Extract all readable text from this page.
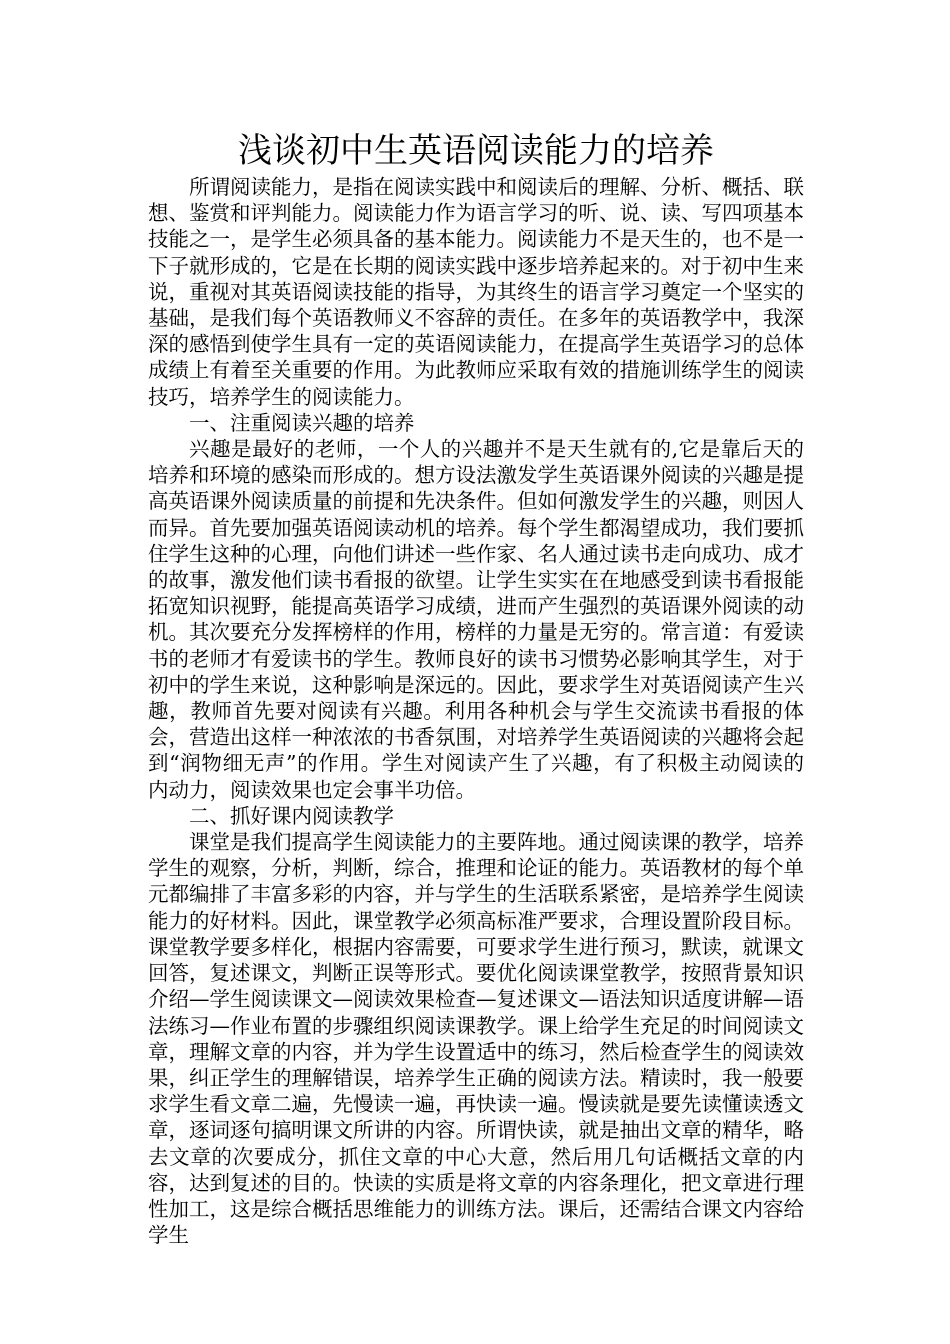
浅谈初中生英语阅读能力的培养

所谓阅读能力，是指在阅读实践中和阅读后的理解、分析、概括、联想、鉴赏和评判能力。阅读能力作为语言学习的听、说、读、写四项基本技能之一，是学生必须具备的基本能力。阅读能力不是天生的，也不是一下子就形成的，它是在长期的阅读实践中逐步培养起来的。对于初中生来说，重视对其英语阅读技能的指导，为其终生的语言学习奠定一个坚实的基础，是我们每个英语教师义不容辞的责任。在多年的英语教学中，我深深的感悟到使学生具有一定的英语阅读能力，在提高学生英语学习的总体成绩上有着至关重要的作用。为此教师应采取有效的措施训练学生的阅读技巧，培养学生的阅读能力。

一、注重阅读兴趣的培养

兴趣是最好的老师，一个人的兴趣并不是天生就有的,它是靠后天的培养和环境的感染而形成的。想方设法激发学生英语课外阅读的兴趣是提高英语课外阅读质量的前提和先决条件。但如何激发学生的兴趣，则因人而异。首先要加强英语阅读动机的培养。每个学生都渴望成功，我们要抓住学生这种的心理，向他们讲述一些作家、名人通过读书走向成功、成才的故事，激发他们读书看报的欲望。让学生实实在在地感受到读书看报能拓宽知识视野，能提高英语学习成绩，进而产生强烈的英语课外阅读的动机。其次要充分发挥榜样的作用，榜样的力量是无穷的。常言道：有爱读书的老师才有爱读书的学生。教师良好的读书习惯势必影响其学生，对于初中的学生来说，这种影响是深远的。因此，要求学生对英语阅读产生兴趣，教师首先要对阅读有兴趣。利用各种机会与学生交流读书看报的体会，营造出这样一种浓浓的书香氛围，对培养学生英语阅读的兴趣将会起到“润物细无声”的作用。学生对阅读产生了兴趣，有了积极主动阅读的内动力，阅读效果也定会事半功倍。

二、抓好课内阅读教学

课堂是我们提高学生阅读能力的主要阵地。通过阅读课的教学，培养学生的观察，分析，判断，综合，推理和论证的能力。英语教材的每个单元都编排了丰富多彩的内容，并与学生的生活联系紧密，是培养学生阅读能力的好材料。因此，课堂教学必须高标准严要求，合理设置阶段目标。课堂教学要多样化，根据内容需要，可要求学生进行预习，默读，就课文回答，复述课文，判断正误等形式。要优化阅读课堂教学，按照背景知识介绍—学生阅读课文—阅读效果检查—复述课文—语法知识适度讲解—语法练习—作业布置的步骤组织阅读课教学。课上给学生充足的时间阅读文章，理解文章的内容，并为学生设置适中的练习，然后检查学生的阅读效果，纠正学生的理解错误，培养学生正确的阅读方法。精读时，我一般要求学生看文章二遍，先慢读一遍，再快读一遍。慢读就是要先读懂读透文章，逐词逐句搞明课文所讲的内容。所谓快读，就是抽出文章的精华，略去文章的次要成分，抓住文章的中心大意，然后用几句话概括文章的内容，达到复述的目的。快读的实质是将文章的内容条理化，把文章进行理性加工，这是综合概括思维能力的训练方法。课后，还需结合课文内容给学生
